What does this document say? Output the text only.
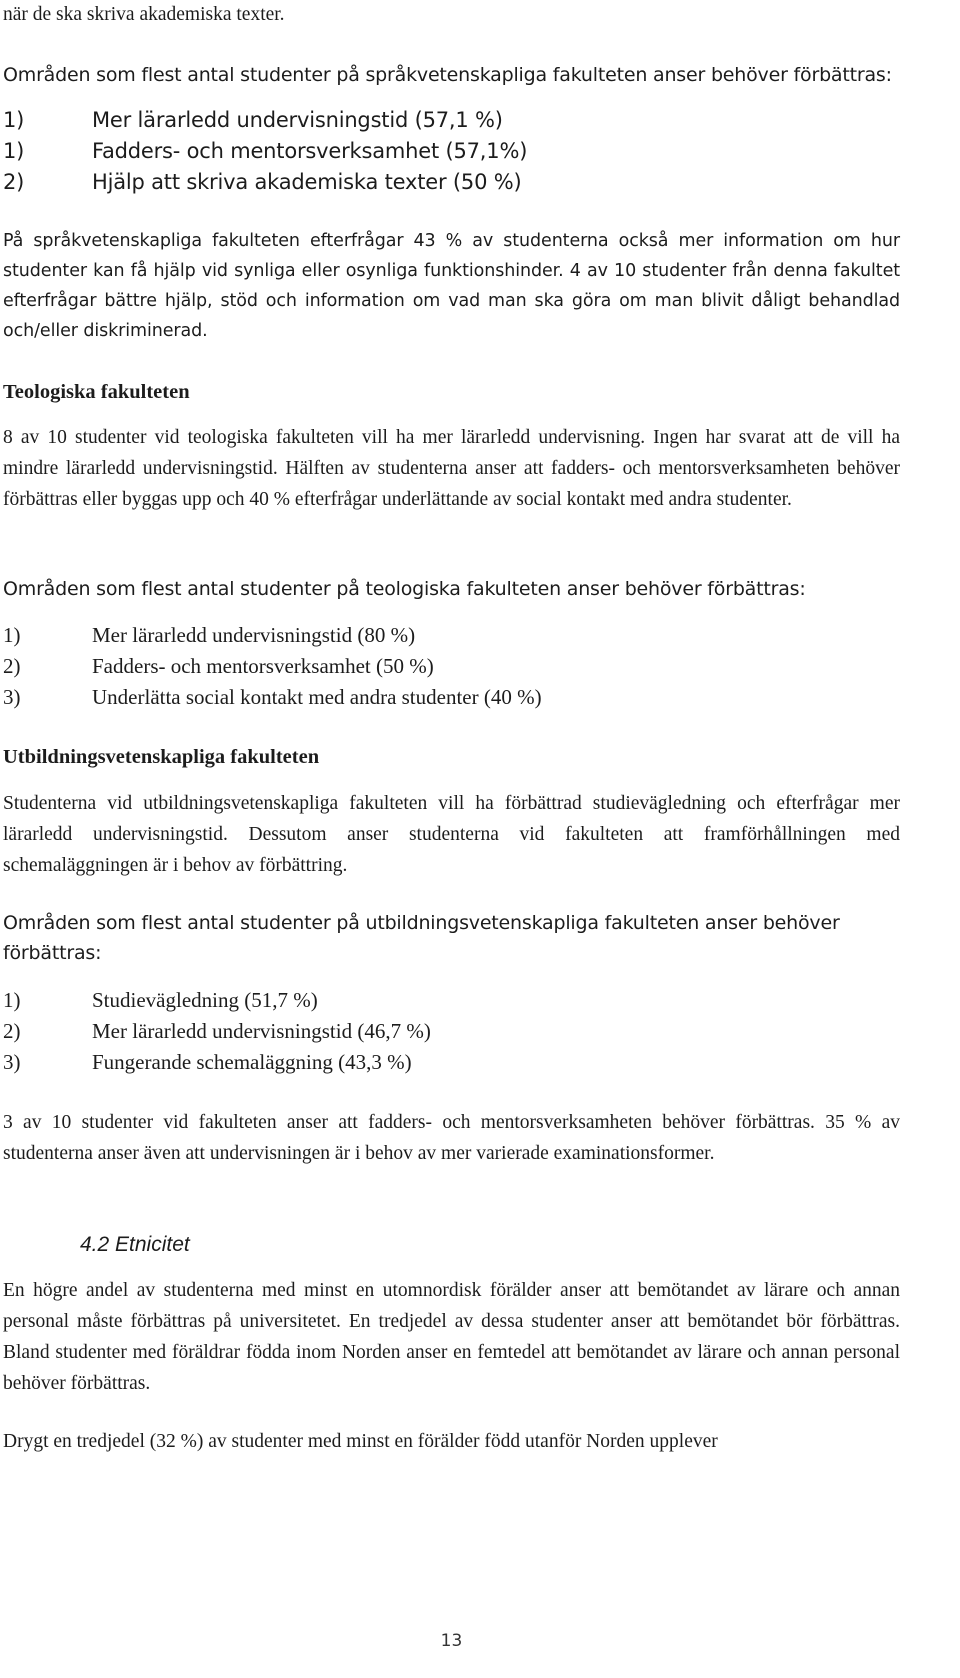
när de ska skriva akademiska texter.

Områden som flest antal studenter på språkvetenskapliga fakulteten anser behöver förbättras:

1)	Mer lärarledd undervisningstid (57,1 %)
1)	Fadders- och mentorsverksamhet (57,1%)
2)	Hjälp att skriva akademiska texter (50 %)

På språkvetenskapliga fakulteten efterfrågar 43 % av studenterna också mer information om hur studenter kan få hjälp vid synliga eller osynliga funktionshinder. 4 av 10 studenter från denna fakultet efterfrågar bättre hjälp, stöd och information om vad man ska göra om man blivit dåligt behandlad och/eller diskriminerad.

Teologiska fakulteten

8 av 10 studenter vid teologiska fakulteten vill ha mer lärarledd undervisning. Ingen har svarat att de vill ha mindre lärarledd undervisningstid. Hälften av studenterna anser att fadders- och mentorsverksamheten behöver förbättras eller byggas upp och 40 % efterfrågar underlättande av social kontakt med andra studenter.

Områden som flest antal studenter på teologiska fakulteten anser behöver förbättras:

1)	Mer lärarledd undervisningstid (80 %)
2)	Fadders- och mentorsverksamhet (50 %)
3)	Underlätta social kontakt med andra studenter (40 %)
Utbildningsvetenskapliga fakulteten

Studenterna vid utbildningsvetenskapliga fakulteten vill ha förbättrad studievägledning och efterfrågar mer lärarledd undervisningstid. Dessutom anser studenterna vid fakulteten att framförhållningen med schemaläggningen är i behov av förbättring.

Områden som flest antal studenter på utbildningsvetenskapliga fakulteten anser behöver förbättras:

1)	Studievägledning (51,7 %)
2)	Mer lärarledd undervisningstid (46,7 %)
3)	Fungerande schemaläggning (43,3 %)

3 av 10 studenter vid fakulteten anser att fadders- och mentorsverksamheten behöver förbättras. 35 % av studenterna anser även att undervisningen är i behov av mer varierade examinationsformer.

4.2 Etnicitet

En högre andel av studenterna med minst en utomnordisk förälder anser att bemötandet av lärare och annan personal måste förbättras på universitetet. En tredjedel av dessa studenter anser att bemötandet bör förbättras. Bland studenter med föräldrar födda inom Norden anser en femtedel att bemötandet av lärare och annan personal behöver förbättras.

Drygt en tredjedel (32 %) av studenter med minst en förälder född utanför Norden upplever

13
